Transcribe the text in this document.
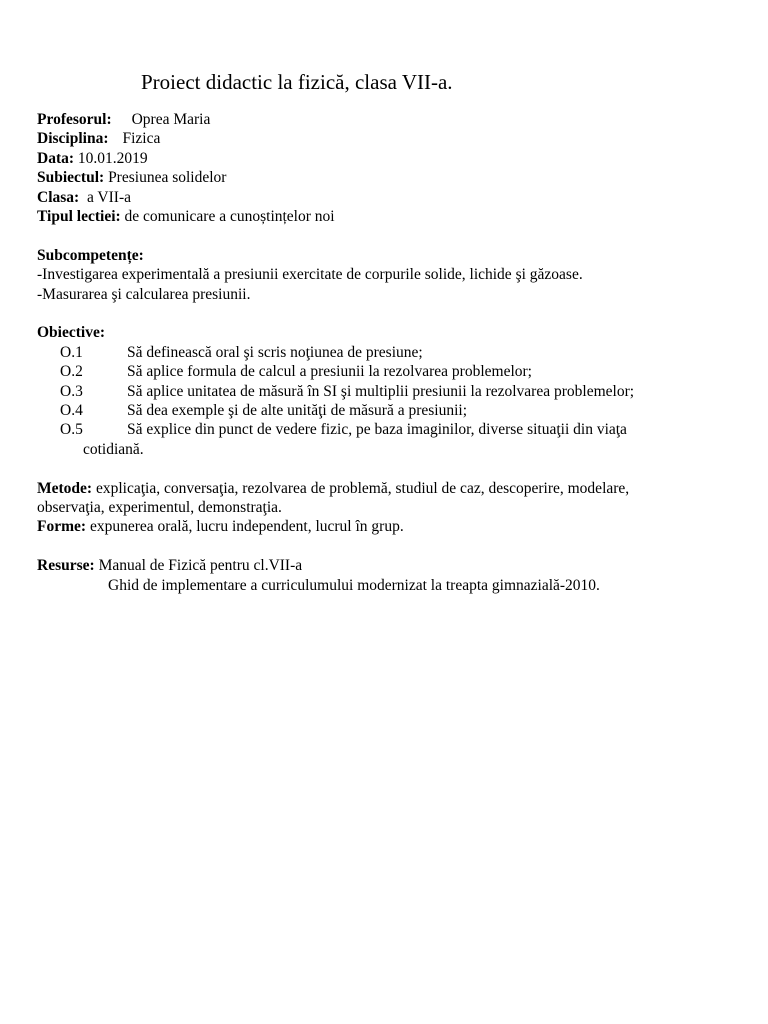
Proiect didactic la fizică, clasa VII-a.
Profesorul: Oprea Maria
Disciplina: Fizica
Data: 10.01.2019
Subiectul: Presiunea solidelor
Clasa: a VII-a
Tipul lectiei: de comunicare a cunoștințelor noi
Subcompetențe:
-Investigarea experimentală a presiunii exercitate de corpurile solide, lichide şi găzoase.
-Masurarea şi calcularea presiunii.
Obiective:
O.1	Să definească oral şi scris noţiunea de presiune;
O.2	Să aplice formula de calcul a presiunii la rezolvarea problemelor;
O.3	Să aplice unitatea de măsură în SI şi multiplii presiunii la rezolvarea problemelor;
O.4	Să dea exemple şi de alte unităţi de măsură a presiunii;
O.5	Să explice din punct de vedere fizic, pe baza imaginilor, diverse situaţii din viaţa
cotidiană.
Metode: explicaţia, conversaţia, rezolvarea de problemă, studiul de caz, descoperire, modelare,
observaţia, experimentul, demonstraţia.
Forme: expunerea orală, lucru independent, lucrul în grup.
Resurse: Manual de Fizică pentru cl.VII-a
Ghid de implementare a curriculumului modernizat la treapta gimnazială-2010.
